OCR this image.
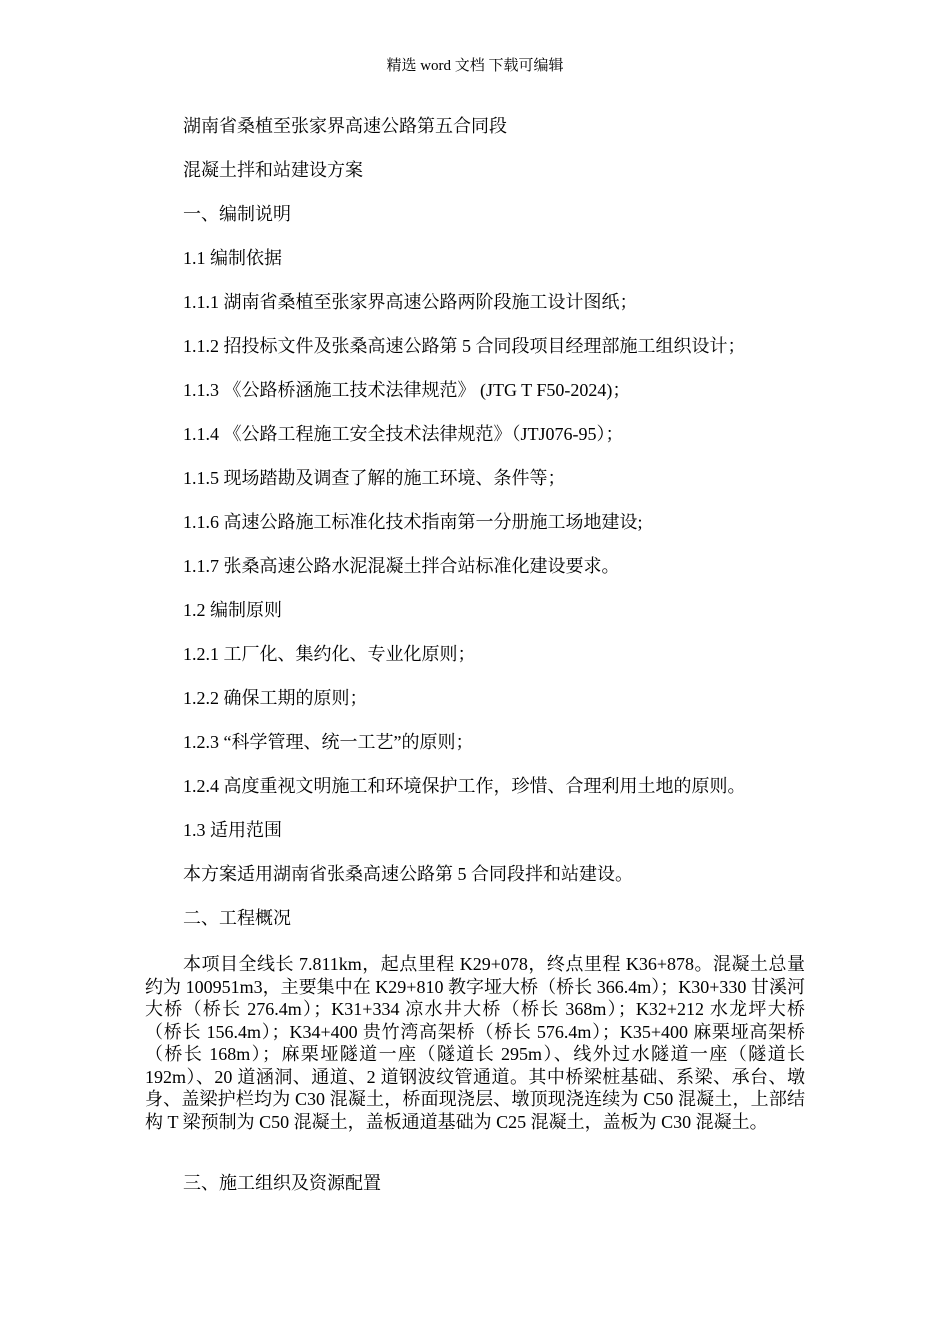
精选 word 文档 下载可编辑
湖南省桑植至张家界高速公路第五合同段
混凝土拌和站建设方案
一、编制说明
1.1 编制依据
1.1.1 湖南省桑植至张家界高速公路两阶段施工设计图纸；
1.1.2 招投标文件及张桑高速公路第 5 合同段项目经理部施工组织设计；
1.1.3 《公路桥涵施工技术法律规范》 (JTG T F50-2024)；
1.1.4 《公路工程施工安全技术法律规范》（JTJ076-95）；
1.1.5 现场踏勘及调查了解的施工环境、条件等；
1.1.6 高速公路施工标准化技术指南第一分册施工场地建设;
1.1.7 张桑高速公路水泥混凝土拌合站标准化建设要求。
1.2 编制原则
1.2.1 工厂化、集约化、专业化原则；
1.2.2 确保工期的原则；
1.2.3 “科学管理、统一工艺”的原则；
1.2.4 高度重视文明施工和环境保护工作，珍惜、合理利用土地的原则。
1.3 适用范围
本方案适用湖南省张桑高速公路第 5 合同段拌和站建设。
二、工程概况
本项目全线长 7.811km，起点里程 K29+078，终点里程 K36+878。混凝土总量约为 100951m3，主要集中在 K29+810 教字垭大桥（桥长 366.4m）；K30+330 甘溪河大桥（桥长 276.4m）；K31+334 凉水井大桥（桥长 368m）；K32+212 水龙坪大桥（桥长 156.4m）；K34+400 贵竹湾高架桥（桥长 576.4m）；K35+400 麻栗垭高架桥（桥长 168m）；麻栗垭隧道一座（隧道长 295m）、线外过水隧道一座（隧道长 192m）、20 道涵洞、通道、2 道钢波纹管通道。其中桥梁桩基础、系梁、承台、墩身、盖梁护栏均为 C30 混凝土，桥面现浇层、墩顶现浇连续为 C50 混凝土，上部结构 T 梁预制为 C50 混凝土，盖板通道基础为 C25 混凝土，盖板为 C30 混凝土。
三、施工组织及资源配置
